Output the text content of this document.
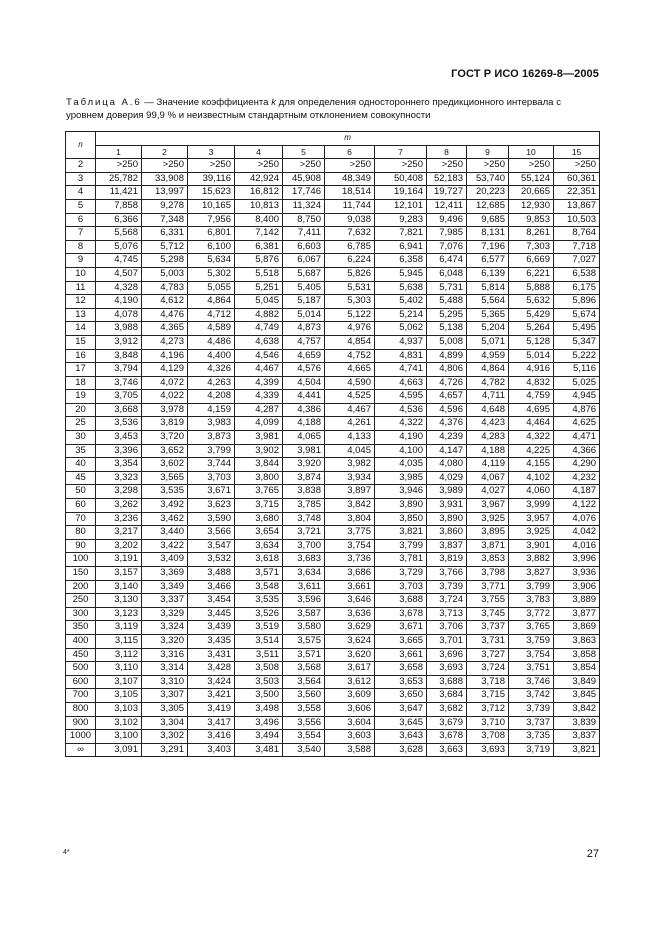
ГОСТ Р ИСО 16269-8—2005
Таблица А.6 — Значение коэффициента k для определения одностороннего предикционного интервала с уровнем доверия 99,9 % и неизвестным стандартным отклонением совокупности
n	m										
	1	2	3	4	5	6	7	8	9	10	15
2	>250	>250	>250	>250	>250	>250	>250	>250	>250	>250	>250
3	25,782	33,908	39,116	42,924	45,908	48,349	50,408	52,183	53,740	55,124	60,361
4	11,421	13,997	15,623	16,812	17,746	18,514	19,164	19,727	20,223	20,665	22,351
5	7,858	9,278	10,165	10,813	11,324	11,744	12,101	12,411	12,685	12,930	13,867
6	6,366	7,348	7,956	8,400	8,750	9,038	9,283	9,496	9,685	9,853	10,503
7	5,568	6,331	6,801	7,142	7,411	7,632	7,821	7,985	8,131	8,261	8,764
8	5,076	5,712	6,100	6,381	6,603	6,785	6,941	7,076	7,196	7,303	7,718
9	4,745	5,298	5,634	5,876	6,067	6,224	6,358	6,474	6,577	6,669	7,027
10	4,507	5,003	5,302	5,518	5,687	5,826	5,945	6,048	6,139	6,221	6,538
11	4,328	4,783	5,055	5,251	5,405	5,531	5,638	5,731	5,814	5,888	6,175
12	4,190	4,612	4,864	5,045	5,187	5,303	5,402	5,488	5,564	5,632	5,896
13	4,078	4,476	4,712	4,882	5,014	5,122	5,214	5,295	5,365	5,429	5,674
14	3,988	4,365	4,589	4,749	4,873	4,976	5,062	5,138	5,204	5,264	5,495
15	3,912	4,273	4,486	4,638	4,757	4,854	4,937	5,008	5,071	5,128	5,347
16	3,848	4,196	4,400	4,546	4,659	4,752	4,831	4,899	4,959	5,014	5,222
17	3,794	4,129	4,326	4,467	4,576	4,665	4,741	4,806	4,864	4,916	5,116
18	3,746	4,072	4,263	4,399	4,504	4,590	4,663	4,726	4,782	4,832	5,025
19	3,705	4,022	4,208	4,339	4,441	4,525	4,595	4,657	4,711	4,759	4,945
20	3,668	3,978	4,159	4,287	4,386	4,467	4,536	4,596	4,648	4,695	4,876
25	3,536	3,819	3,983	4,099	4,188	4,261	4,322	4,376	4,423	4,464	4,625
30	3,453	3,720	3,873	3,981	4,065	4,133	4,190	4,239	4,283	4,322	4,471
35	3,396	3,652	3,799	3,902	3,981	4,045	4,100	4,147	4,188	4,225	4,366
40	3,354	3,602	3,744	3,844	3,920	3,982	4,035	4,080	4,119	4,155	4,290
45	3,323	3,565	3,703	3,800	3,874	3,934	3,985	4,029	4,067	4,102	4,232
50	3,298	3,535	3,671	3,765	3,838	3,897	3,946	3,989	4,027	4,060	4,187
60	3,262	3,492	3,623	3,715	3,785	3,842	3,890	3,931	3,967	3,999	4,122
70	3,236	3,462	3,590	3,680	3,748	3,804	3,850	3,890	3,925	3,957	4,076
80	3,217	3,440	3,566	3,654	3,721	3,775	3,821	3,860	3,895	3,925	4,042
90	3,202	3,422	3,547	3,634	3,700	3,754	3,799	3,837	3,871	3,901	4,016
100	3,191	3,409	3,532	3,618	3,683	3,736	3,781	3,819	3,853	3,882	3,996
150	3,157	3,369	3,488	3,571	3,634	3,686	3,729	3,766	3,798	3,827	3,936
200	3,140	3,349	3,466	3,548	3,611	3,661	3,703	3,739	3,771	3,799	3,906
250	3,130	3,337	3,454	3,535	3,596	3,646	3,688	3,724	3,755	3,783	3,889
300	3,123	3,329	3,445	3,526	3,587	3,636	3,678	3,713	3,745	3,772	3,877
350	3,119	3,324	3,439	3,519	3,580	3,629	3,671	3,706	3,737	3,765	3,869
400	3,115	3,320	3,435	3,514	3,575	3,624	3,665	3,701	3,731	3,759	3,863
450	3,112	3,316	3,431	3,511	3,571	3,620	3,661	3,696	3,727	3,754	3,858
500	3,110	3,314	3,428	3,508	3,568	3,617	3,658	3,693	3,724	3,751	3,854
600	3,107	3,310	3,424	3,503	3,564	3,612	3,653	3,688	3,718	3,746	3,849
700	3,105	3,307	3,421	3,500	3,560	3,609	3,650	3,684	3,715	3,742	3,845
800	3,103	3,305	3,419	3,498	3,558	3,606	3,647	3,682	3,712	3,739	3,842
900	3,102	3,304	3,417	3,496	3,556	3,604	3,645	3,679	3,710	3,737	3,839
1000	3,100	3,302	3,416	3,494	3,554	3,603	3,643	3,678	3,708	3,735	3,837
∞	3,091	3,291	3,403	3,481	3,540	3,588	3,628	3,663	3,693	3,719	3,821
4*	27
